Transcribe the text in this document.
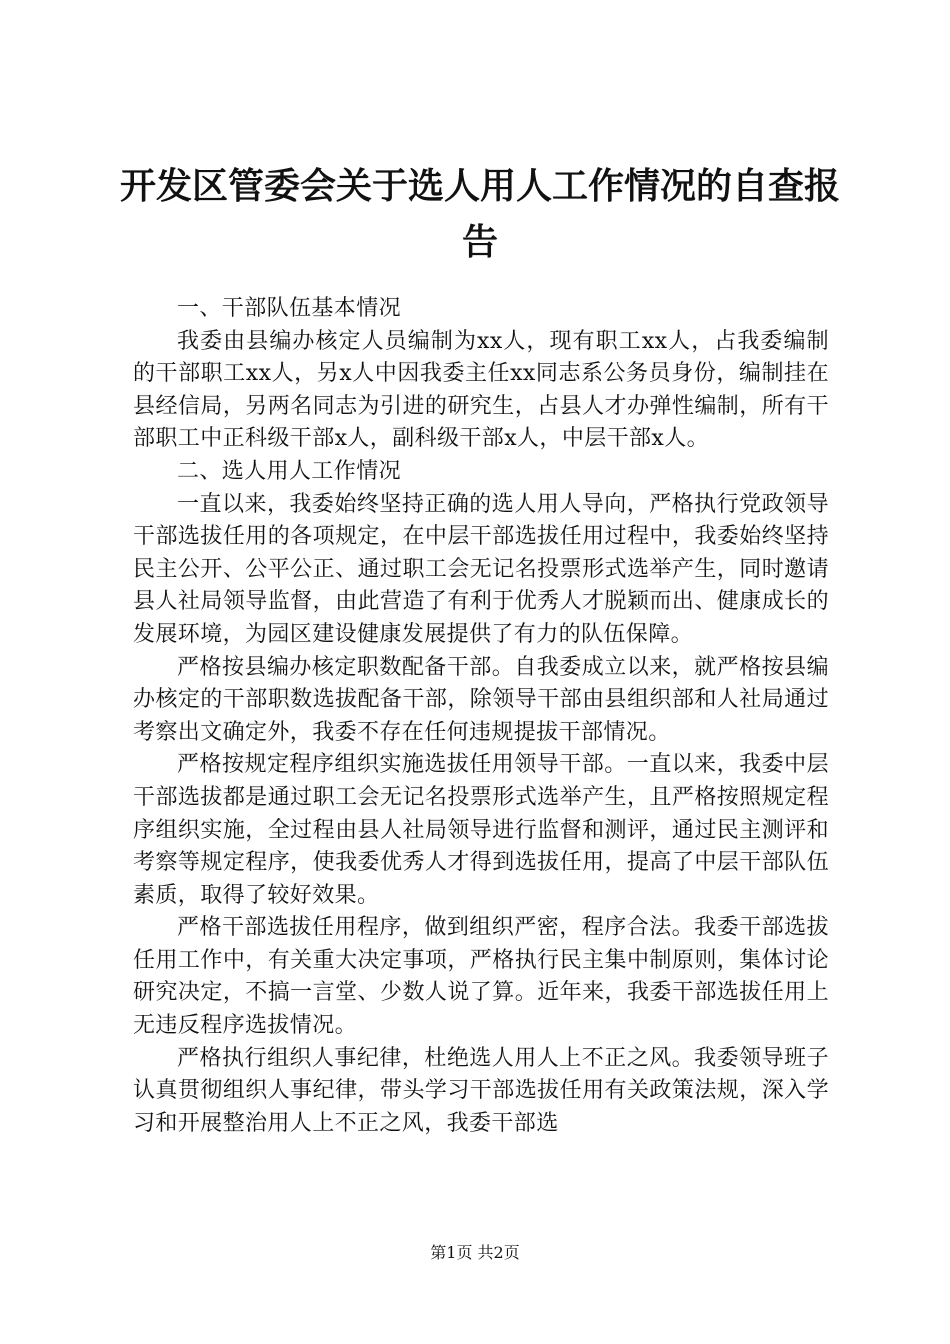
开发区管委会关于选人用人工作情况的自查报
告

一、干部队伍基本情况

我委由县编办核定人员编制为xx人，现有职工xx人，占我委编制的干部职工xx人，另x人中因我委主任xx同志系公务员身份，编制挂在县经信局，另两名同志为引进的研究生，占县人才办弹性编制，所有干部职工中正科级干部x人，副科级干部x人，中层干部x人。

二、选人用人工作情况

一直以来，我委始终坚持正确的选人用人导向，严格执行党政领导干部选拔任用的各项规定，在中层干部选拔任用过程中，我委始终坚持民主公开、公平公正、通过职工会无记名投票形式选举产生，同时邀请县人社局领导监督，由此营造了有利于优秀人才脱颖而出、健康成长的发展环境，为园区建设健康发展提供了有力的队伍保障。

严格按县编办核定职数配备干部。自我委成立以来，就严格按县编办核定的干部职数选拔配备干部，除领导干部由县组织部和人社局通过考察出文确定外，我委不存在任何违规提拔干部情况。

严格按规定程序组织实施选拔任用领导干部。一直以来，我委中层干部选拔都是通过职工会无记名投票形式选举产生，且严格按照规定程序组织实施，全过程由县人社局领导进行监督和测评，通过民主测评和考察等规定程序，使我委优秀人才得到选拔任用，提高了中层干部队伍素质，取得了较好效果。

严格干部选拔任用程序，做到组织严密，程序合法。我委干部选拔任用工作中，有关重大决定事项，严格执行民主集中制原则，集体讨论研究决定，不搞一言堂、少数人说了算。近年来，我委干部选拔任用上无违反程序选拔情况。

严格执行组织人事纪律，杜绝选人用人上不正之风。我委领导班子认真贯彻组织人事纪律，带头学习干部选拔任用有关政策法规，深入学习和开展整治用人上不正之风，我委干部选

第1页 共2页
